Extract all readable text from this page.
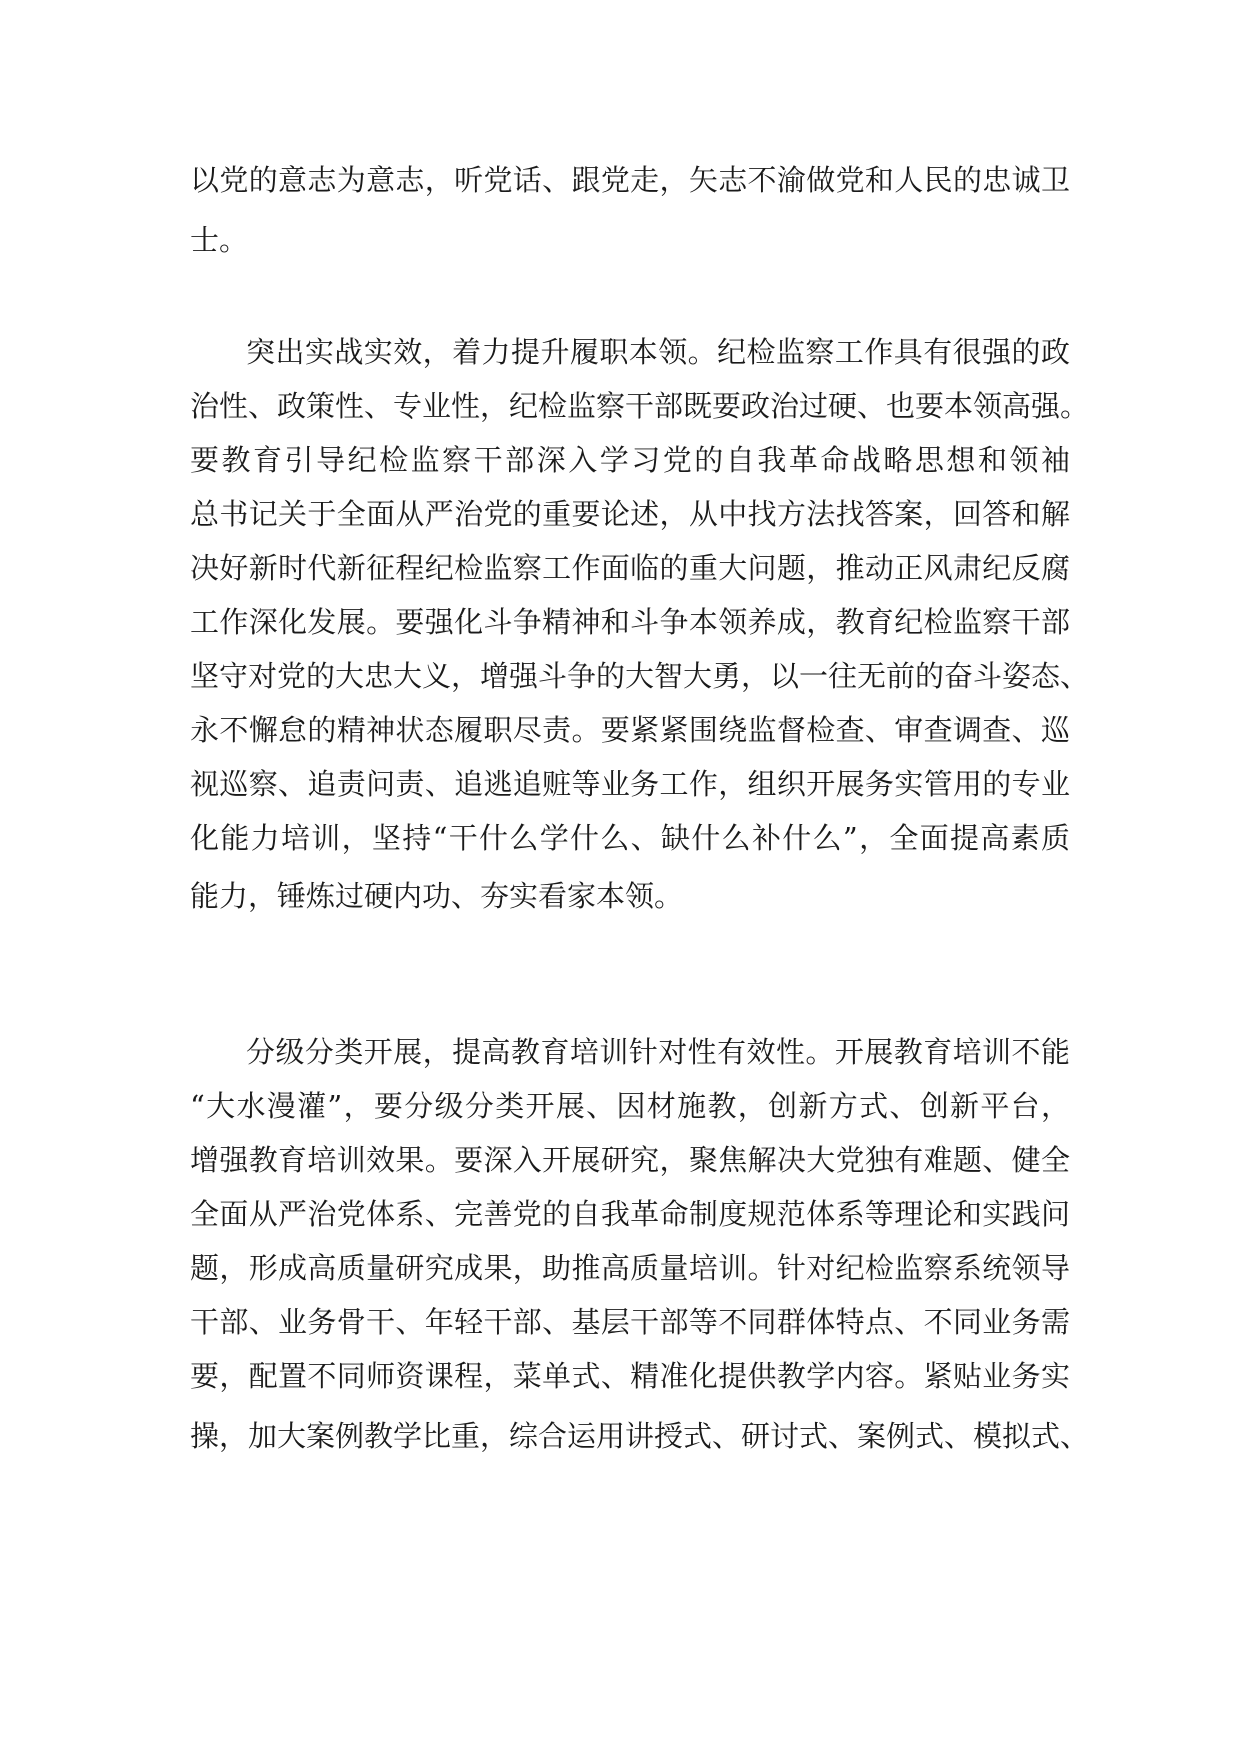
以党的意志为意志，听党话、跟党走，矢志不渝做党和人民的忠诚卫
士。
突出实战实效，着力提升履职本领。纪检监察工作具有很强的政
治性、政策性、专业性，纪检监察干部既要政治过硬、也要本领高强。
要教育引导纪检监察干部深入学习党的自我革命战略思想和领袖
总书记关于全面从严治党的重要论述，从中找方法找答案，回答和解
决好新时代新征程纪检监察工作面临的重大问题，推动正风肃纪反腐
工作深化发展。要强化斗争精神和斗争本领养成，教育纪检监察干部
坚守对党的大忠大义，增强斗争的大智大勇，以一往无前的奋斗姿态、
永不懈怠的精神状态履职尽责。要紧紧围绕监督检查、审查调查、巡
视巡察、追责问责、追逃追赃等业务工作，组织开展务实管用的专业
化能力培训，坚持“干什么学什么、缺什么补什么”，全面提高素质
能力，锤炼过硬内功、夯实看家本领。
分级分类开展，提高教育培训针对性有效性。开展教育培训不能
“大水漫灌”，要分级分类开展、因材施教，创新方式、创新平台，
增强教育培训效果。要深入开展研究，聚焦解决大党独有难题、健全
全面从严治党体系、完善党的自我革命制度规范体系等理论和实践问
题，形成高质量研究成果，助推高质量培训。针对纪检监察系统领导
干部、业务骨干、年轻干部、基层干部等不同群体特点、不同业务需
要，配置不同师资课程，菜单式、精准化提供教学内容。紧贴业务实
操，加大案例教学比重，综合运用讲授式、研讨式、案例式、模拟式、
